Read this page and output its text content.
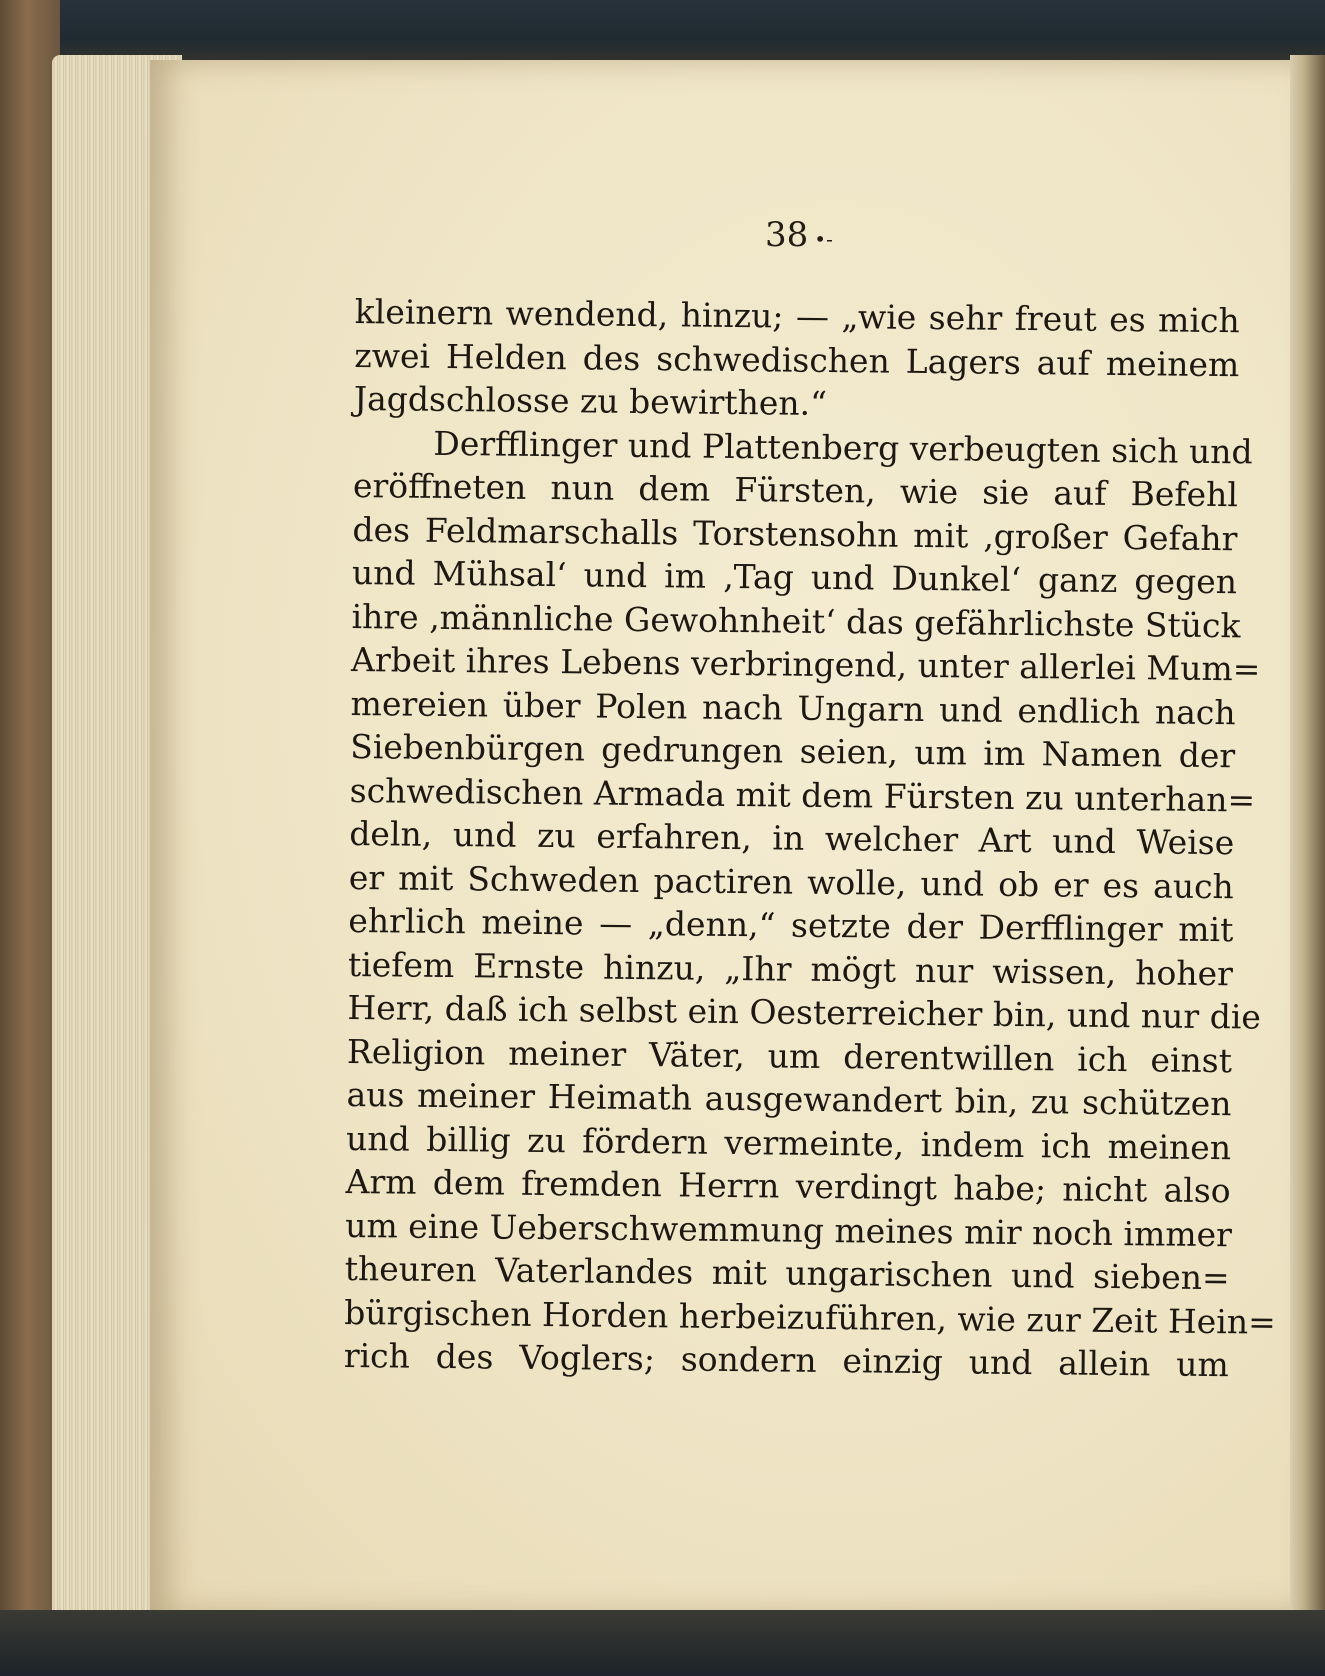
38 •-
kleinern wendend, hinzu; — „wie sehr freut es mich
zwei Helden des schwedischen Lagers auf meinem
Jagdschlosse zu bewirthen.“
Derfflinger und Plattenberg verbeugten sich und
eröffneten nun dem Fürsten, wie sie auf Befehl
des Feldmarschalls Torstensohn mit ‚großer Gefahr
und Mühsal‘ und im ‚Tag und Dunkel‘ ganz gegen
ihre ‚männliche Gewohnheit‘ das gefährlichste Stück
Arbeit ihres Lebens verbringend, unter allerlei Mum=
mereien über Polen nach Ungarn und endlich nach
Siebenbürgen gedrungen seien, um im Namen der
schwedischen Armada mit dem Fürsten zu unterhan=
deln, und zu erfahren, in welcher Art und Weise
er mit Schweden pactiren wolle, und ob er es auch
ehrlich meine — „denn,“ setzte der Derfflinger mit
tiefem Ernste hinzu, „Ihr mögt nur wissen, hoher
Herr, daß ich selbst ein Oesterreicher bin, und nur die
Religion meiner Väter, um derentwillen ich einst
aus meiner Heimath ausgewandert bin, zu schützen
und billig zu fördern vermeinte, indem ich meinen
Arm dem fremden Herrn verdingt habe; nicht also
um eine Ueberschwemmung meines mir noch immer
theuren Vaterlandes mit ungarischen und sieben=
bürgischen Horden herbeizuführen, wie zur Zeit Hein=
rich des Voglers; sondern einzig und allein um
